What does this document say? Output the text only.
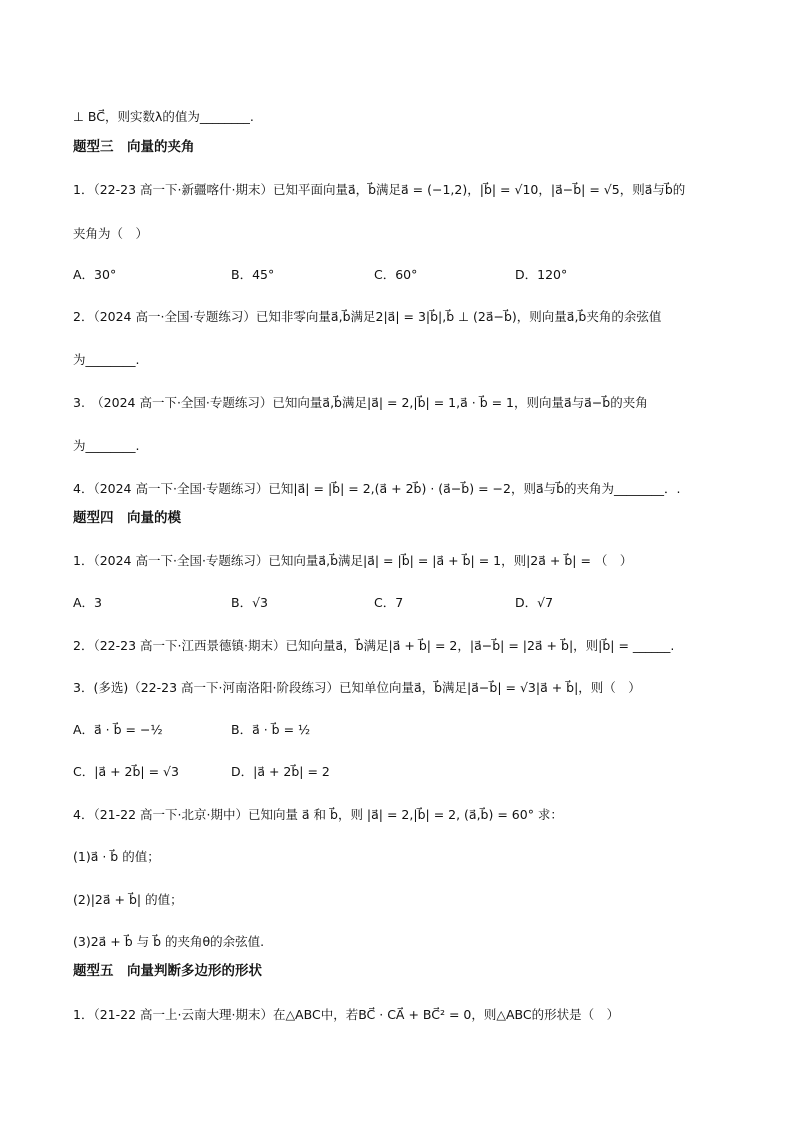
⊥ BC⃗，则实数λ的值为________.
题型三　向量的夹角
1．（22-23 高一下·新疆喀什·期末）已知平面向量a⃗，b⃗满足a⃗ = (−1,2)，|b⃗| = √10，|a⃗−b⃗| = √5，则a⃗与b⃗的
夹角为（　）
A．30°	B．45°	C．60°	D．120°
2．（2024 高一·全国·专题练习）已知非零向量a⃗,b⃗满足2|a⃗| = 3|b⃗|,b⃗ ⊥ (2a⃗−b⃗)，则向量a⃗,b⃗夹角的余弦值
为________.
3.　（2024 高一下·全国·专题练习）已知向量a⃗,b⃗满足|a⃗| = 2,|b⃗| = 1,a⃗ · b⃗ = 1，则向量a⃗与a⃗−b⃗的夹角
为________.
4．（2024 高一下·全国·专题练习）已知|a⃗| = |b⃗| = 2,(a⃗ + 2b⃗) · (a⃗−b⃗) = −2，则a⃗与b⃗的夹角为________．.
题型四　向量的模
1．（2024 高一下·全国·专题练习）已知向量a⃗,b⃗满足|a⃗| = |b⃗| = |a⃗ + b⃗| = 1，则|2a⃗ + b⃗| = （　）
A．3	B．√3	C．7	D．√7
2．（22-23 高一下·江西景德镇·期末）已知向量a⃗，b⃗满足|a⃗ + b⃗| = 2，|a⃗−b⃗| = |2a⃗ + b⃗|，则|b⃗| = ______.
3．(多选)（22-23 高一下·河南洛阳·阶段练习）已知单位向量a⃗，b⃗满足|a⃗−b⃗| = √3|a⃗ + b⃗|，则（　）
A．a⃗ · b⃗ = −½	B．a⃗ · b⃗ = ½
C．|a⃗ + 2b⃗| = √3	D．|a⃗ + 2b⃗| = 2
4．（21-22 高一下·北京·期中）已知向量 a⃗ 和 b⃗，则 |a⃗| = 2,|b⃗| = 2, (a⃗,b⃗) = 60° 求：
(1)a⃗ · b⃗ 的值；
(2)|2a⃗ + b⃗| 的值；
(3)2a⃗ + b⃗ 与 b⃗ 的夹角θ的余弦值.
题型五　向量判断多边形的形状
1．（21-22 高一上·云南大理·期末）在△ABC中，若BC⃗ · CA⃗ + BC⃗² = 0，则△ABC的形状是（　）
